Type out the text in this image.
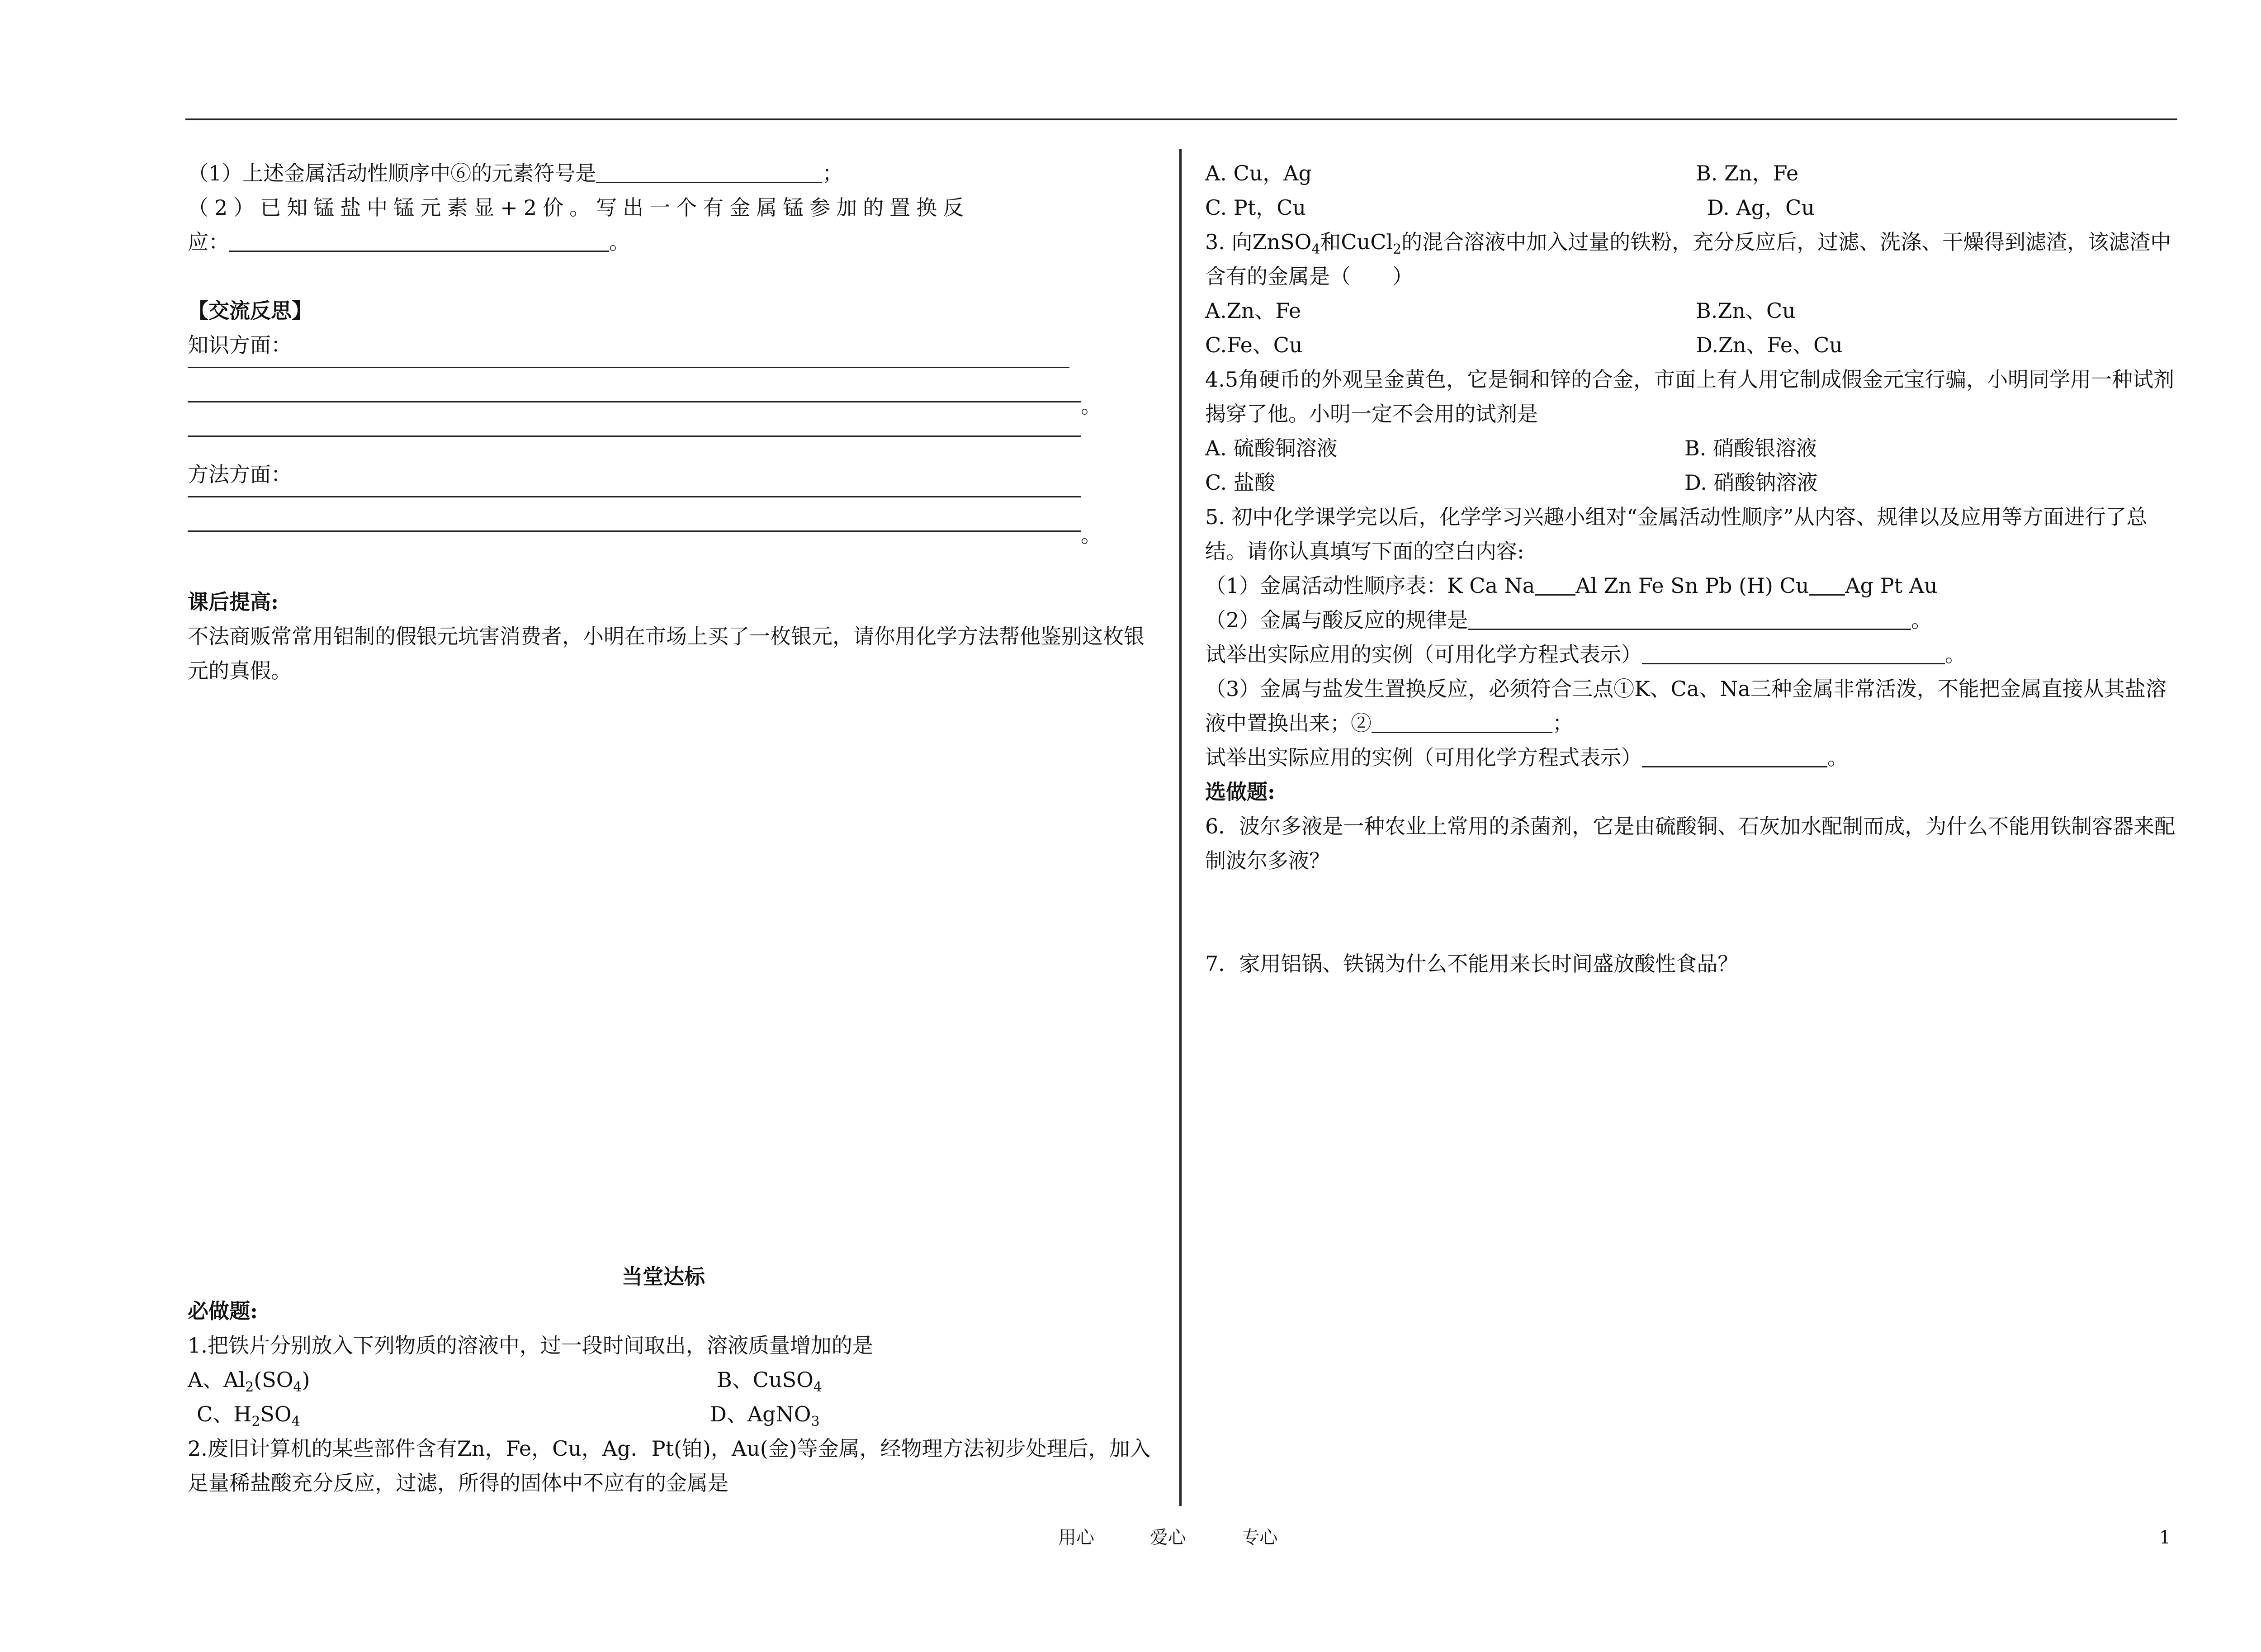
（1）上述金属活动性顺序中⑥的元素符号是	；
（2）已知锰盐中锰元素显+2价。写出一个有金属锰参加的置换反
应：	。
【交流反思】
知识方面：
。
方法方面：
。
课后提高:
不法商贩常常用铝制的假银元坑害消费者，小明在市场上买了一枚银元，请你用化学方法帮他鉴别这枚银元的真假。
当堂达标
必做题:
1.把铁片分别放入下列物质的溶液中，过一段时间取出，溶液质量增加的是
A、$Al_2(SO_4)$	B、CuSO$_4$
C、$H_2SO_4$	D、AgNO$_3$
2.废旧计算机的某些部件含有Zn，Fe，Cu，Ag．Pt(铂)，Au(金)等金属，经物理方法初步处理后，加入足量稀盐酸充分反应，过滤，所得的固体中不应有的金属是
A. Cu，Ag	B. Zn，Fe
C. Pt，Cu	D. Ag，Cu
3. 向ZnSO$_4$和CuCl$_2$的混合溶液中加入过量的铁粉，充分反应后，过滤、洗涤、干燥得到滤渣，该滤渣中含有的金属是（　　）
A.Zn、Fe	B.Zn、Cu
C.Fe、Cu	D.Zn、Fe、Cu
4.5角硬币的外观呈金黄色，它是铜和锌的合金，市面上有人用它制成假金元宝行骗，小明同学用一种试剂揭穿了他。小明一定不会用的试剂是
A. 硫酸铜溶液	B. 硝酸银溶液
C. 盐酸	D. 硝酸钠溶液
5. 初中化学课学完以后，化学学习兴趣小组对“金属活动性顺序”从内容、规律以及应用等方面进行了总结。请你认真填写下面的空白内容:
（1）金属活动性顺序表：K Ca Na Al Zn Fe Sn Pb (H) Cu Ag Pt Au
（2）金属与酸反应的规律是	。
试举出实际应用的实例（可用化学方程式表示）	。
（3）金属与盐发生置换反应，必须符合三点①K、Ca、Na三种金属非常活泼，不能把金属直接从其盐溶液中置换出来；②	；
试举出实际应用的实例（可用化学方程式表示）	。
选做题:
6．波尔多液是一种农业上常用的杀菌剂，它是由硫酸铜、石灰加水配制而成，为什么不能用铁制容器来配制波尔多液？
7．家用铝锅、铁锅为什么不能用来长时间盛放酸性食品？
用心 爱心 专心	1
